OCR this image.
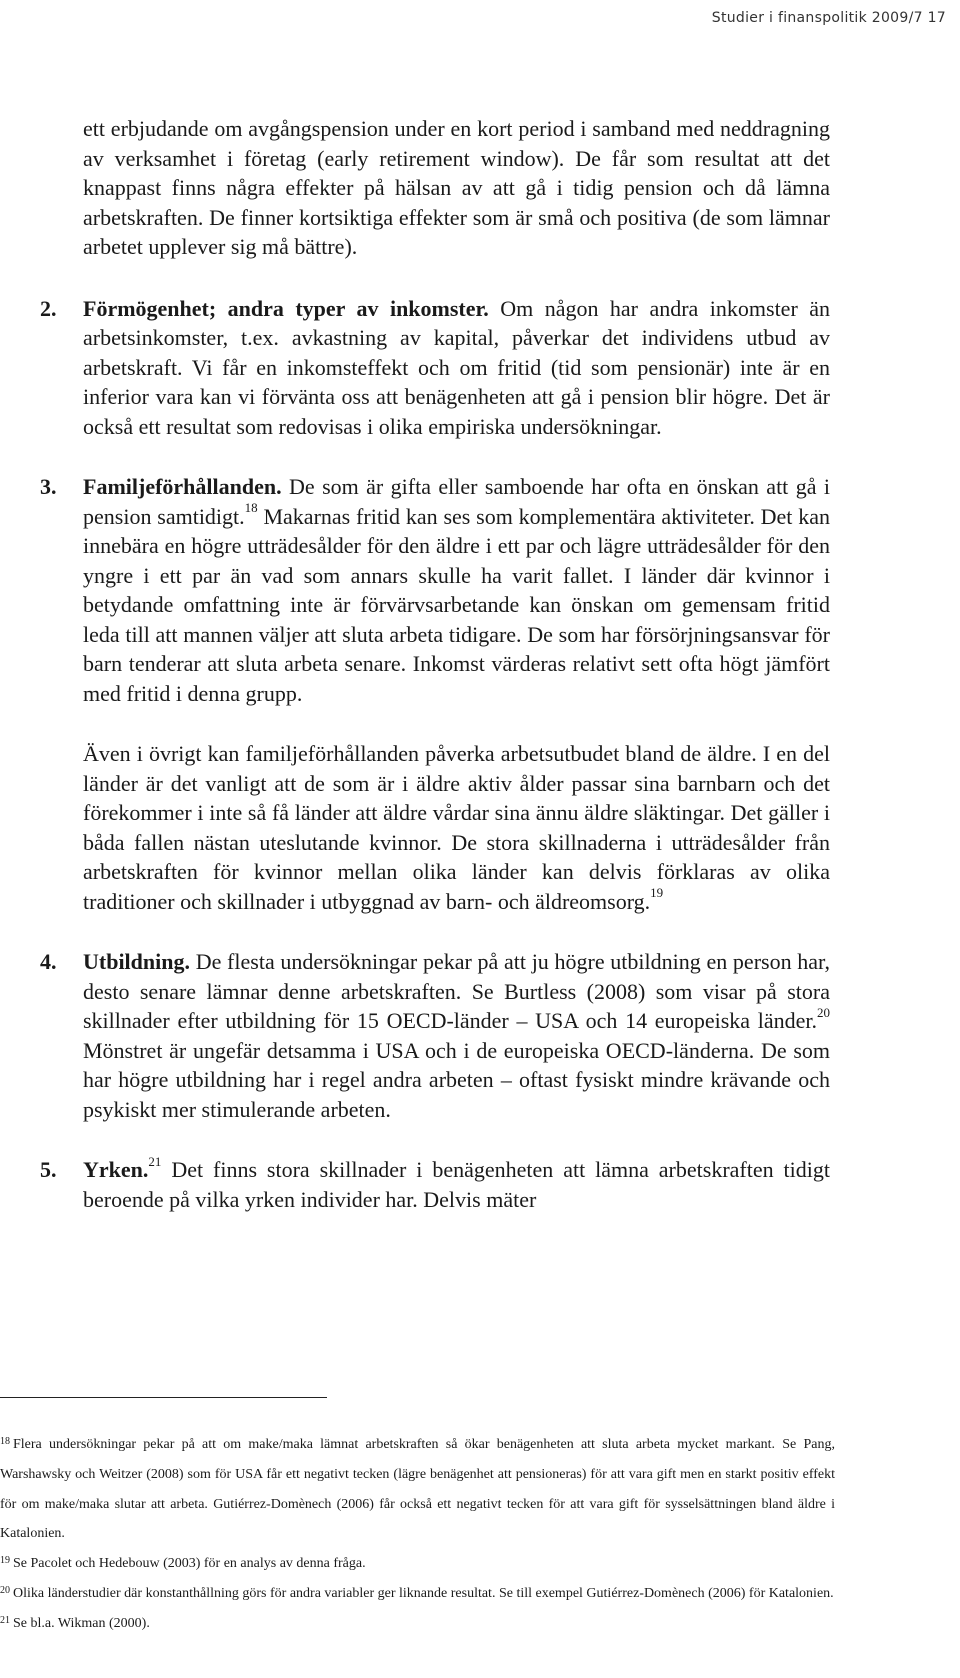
Studier i finanspolitik 2009/7 17

ett erbjudande om avgångspension under en kort period i samband med neddragning av verksamhet i företag (early retirement window). De får som resultat att det knappast finns några effekter på hälsan av att gå i tidig pension och då lämna arbetskraften. De finner kortsiktiga effekter som är små och positiva (de som lämnar arbetet upplever sig må bättre).

2. Förmögenhet; andra typer av inkomster. Om någon har andra inkomster än arbetsinkomster, t.ex. avkastning av kapital, påverkar det individens utbud av arbetskraft. Vi får en inkomsteffekt och om fritid (tid som pensionär) inte är en inferior vara kan vi förvänta oss att benägenheten att gå i pension blir högre. Det är också ett resultat som redovisas i olika empiriska undersökningar.

3. Familjeförhållanden. De som är gifta eller samboende har ofta en önskan att gå i pension samtidigt.$^{18}$ Makarnas fritid kan ses som komplementära aktiviteter. Det kan innebära en högre utträdesålder för den äldre i ett par och lägre utträdesålder för den yngre i ett par än vad som annars skulle ha varit fallet. I länder där kvinnor i betydande omfattning inte är förvärvsarbetande kan önskan om gemensam fritid leda till att mannen väljer att sluta arbeta tidigare. De som har försörjningsansvar för barn tenderar att sluta arbeta senare. Inkomst värderas relativt sett ofta högt jämfört med fritid i denna grupp.

Även i övrigt kan familjeförhållanden påverka arbetsutbudet bland de äldre. I en del länder är det vanligt att de som är i äldre aktiv ålder passar sina barnbarn och det förekommer i inte så få länder att äldre vårdar sina ännu äldre släktingar. Det gäller i båda fallen nästan uteslutande kvinnor. De stora skillnaderna i utträdesålder från arbetskraften för kvinnor mellan olika länder kan delvis förklaras av olika traditioner och skillnader i utbyggnad av barn- och äldreomsorg.$^{19}$

4. Utbildning. De flesta undersökningar pekar på att ju högre utbildning en person har, desto senare lämnar denne arbetskraften. Se Burtless (2008) som visar på stora skillnader efter utbildning för 15 OECD-länder – USA och 14 europeiska länder.$^{20}$ Mönstret är ungefär detsamma i USA och i de europeiska OECD-länderna. De som har högre utbildning har i regel andra arbeten – oftast fysiskt mindre krävande och psykiskt mer stimulerande arbeten.

5. Yrken.$^{21}$ Det finns stora skillnader i benägenheten att lämna arbetskraften tidigt beroende på vilka yrken individer har. Delvis mäter

$^{18}$ Flera undersökningar pekar på att om make/maka lämnat arbetskraften så ökar benägenheten att sluta arbeta mycket markant. Se Pang, Warshawsky och Weitzer (2008) som för USA får ett negativt tecken (lägre benägenhet att pensioneras) för att vara gift men en starkt positiv effekt för om make/maka slutar att arbeta. Gutiérrez-Domènech (2006) får också ett negativt tecken för att vara gift för sysselsättningen bland äldre i Katalonien.

$^{19}$ Se Pacolet och Hedebouw (2003) för en analys av denna fråga.

$^{20}$ Olika länderstudier där konstanthållning görs för andra variabler ger liknande resultat. Se till exempel Gutiérrez-Domènech (2006) för Katalonien.

$^{21}$ Se bl.a. Wikman (2000).
